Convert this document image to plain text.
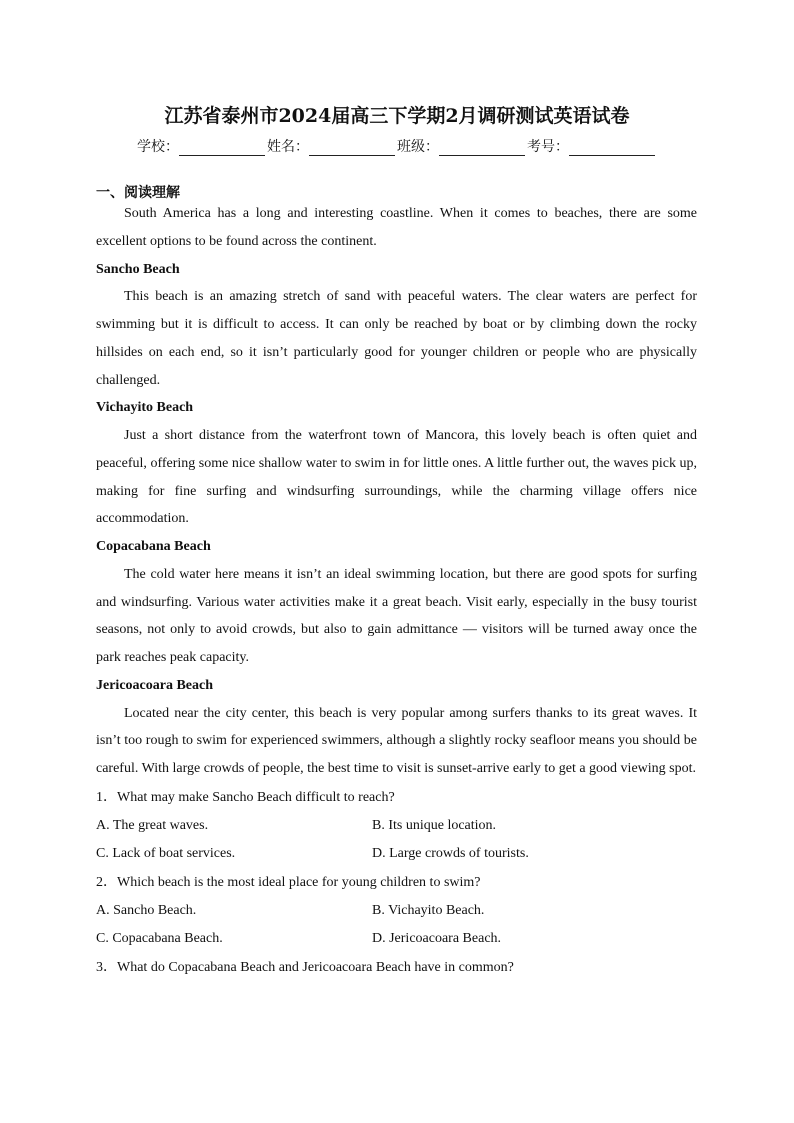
江苏省泰州市2024届高三下学期2月调研测试英语试卷
学校：	姓名：	班级：	考号：
一、阅读理解
South America has a long and interesting coastline. When it comes to beaches, there are some excellent options to be found across the continent.
Sancho Beach
This beach is an amazing stretch of sand with peaceful waters. The clear waters are perfect for swimming but it is difficult to access. It can only be reached by boat or by climbing down the rocky hillsides on each end, so it isn’t particularly good for younger children or people who are physically challenged.
Vichayito Beach
Just a short distance from the waterfront town of Mancora, this lovely beach is often quiet and peaceful, offering some nice shallow water to swim in for little ones. A little further out, the waves pick up, making for fine surfing and windsurfing surroundings, while the charming village offers nice accommodation.
Copacabana Beach
The cold water here means it isn’t an ideal swimming location, but there are good spots for surfing and windsurfing. Various water activities make it a great beach. Visit early, especially in the busy tourist seasons, not only to avoid crowds, but also to gain admittance — visitors will be turned away once the park reaches peak capacity.
Jericoacoara Beach
Located near the city center, this beach is very popular among surfers thanks to its great waves. It isn’t too rough to swim for experienced swimmers, although a slightly rocky seafloor means you should be careful. With large crowds of people, the best time to visit is sunset-arrive early to get a good viewing spot.
1．What may make Sancho Beach difficult to reach?
A. The great waves.	B. Its unique location.
C. Lack of boat services.	D. Large crowds of tourists.
2．Which beach is the most ideal place for young children to swim?
A. Sancho Beach.	B. Vichayito Beach.
C. Copacabana Beach.	D. Jericoacoara Beach.
3．What do Copacabana Beach and Jericoacoara Beach have in common?
